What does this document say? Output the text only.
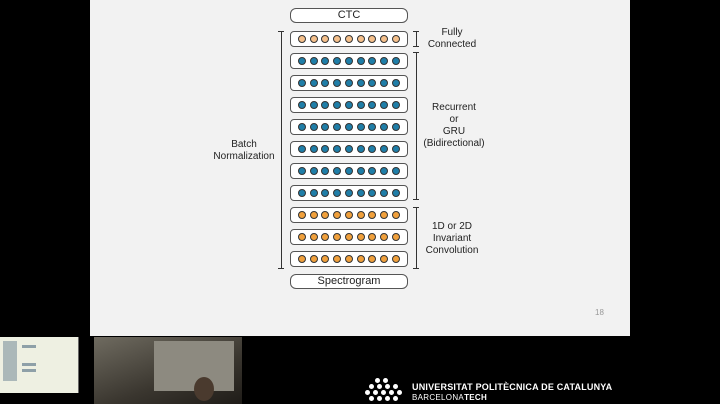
CTC
Spectrogram
Batch
Normalization
Fully
Connected
Recurrent
or
GRU
(Bidirectional)
1D or 2D
Invariant
Convolution
18
UNIVERSITAT POLITÈCNICA DE CATALUNYA
BARCELONATECH
